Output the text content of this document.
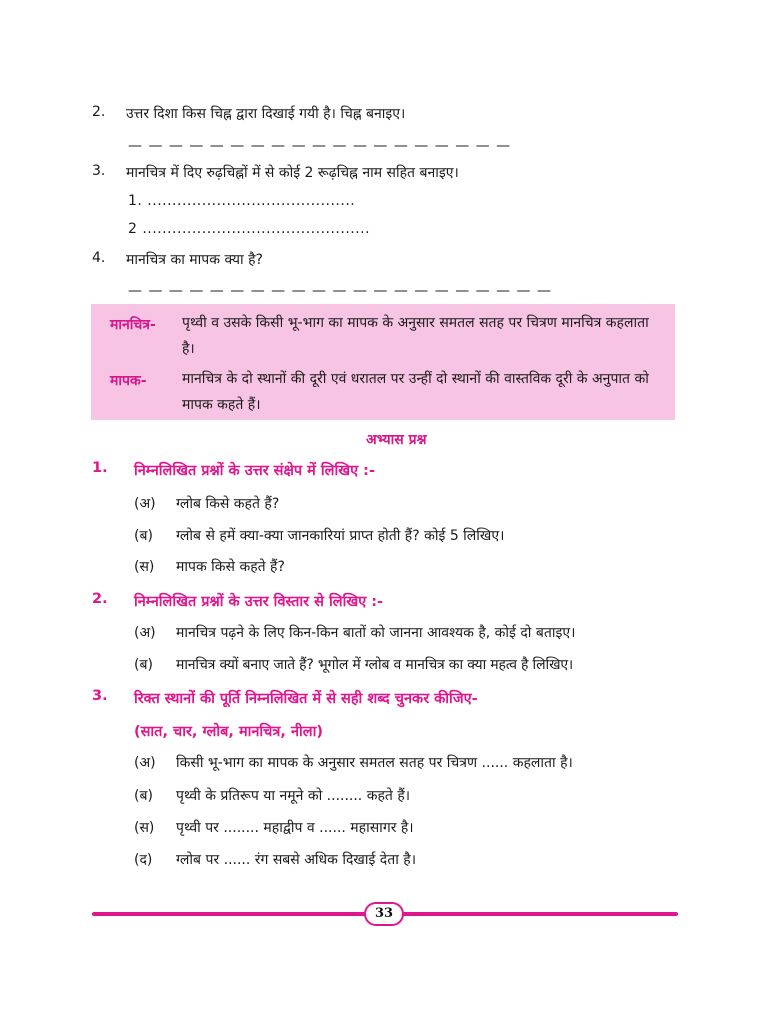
2. उत्तर दिशा किस चिह्न द्वारा दिखाई गयी है। चिह्न बनाइए।
— — — — — — — — — — — — — — — — — — —
3. मानचित्र में दिए रुढ़चिह्नों में से कोई 2 रूढ़चिह्न नाम सहित बनाइए।
1. ..........................................
2 ..............................................
4. मानचित्र का मापक क्या है?
— — — — — — — — — — — — — — — — — — — — —
मानचित्र- पृथ्वी व उसके किसी भू-भाग का मापक के अनुसार समतल सतह पर चित्रण मानचित्र कहलाता है।
मापक-	मानचित्र के दो स्थानों की दूरी एवं धरातल पर उन्हीं दो स्थानों की वास्तविक दूरी के अनुपात को मापक कहते हैं।
अभ्यास प्रश्न
1. निम्नलिखित प्रश्नों के उत्तर संक्षेप में लिखिए :-
(अ) ग्लोब किसे कहते हैं?
(ब) ग्लोब से हमें क्या-क्या जानकारियां प्राप्त होती हैं? कोई 5 लिखिए।
(स) मापक किसे कहते हैं?
2. निम्नलिखित प्रश्नों के उत्तर विस्तार से लिखिए :-
(अ) मानचित्र पढ़ने के लिए किन-किन बातों को जानना आवश्यक है, कोई दो बताइए।
(ब) मानचित्र क्यों बनाए जाते हैं? भूगोल में ग्लोब व मानचित्र का क्या महत्व है लिखिए।
3. रिक्त स्थानों की पूर्ति निम्नलिखित में से सही शब्द चुनकर कीजिए-
(सात, चार, ग्लोब, मानचित्र, नीला)
(अ) किसी भू-भाग का मापक के अनुसार समतल सतह पर चित्रण ...... कहलाता है।
(ब) पृथ्वी के प्रतिरूप या नमूने को ........ कहते हैं।
(स) पृथ्वी पर ........ महाद्वीप व ...... महासागर है।
(द) ग्लोब पर ...... रंग सबसे अधिक दिखाई देता है।
33
